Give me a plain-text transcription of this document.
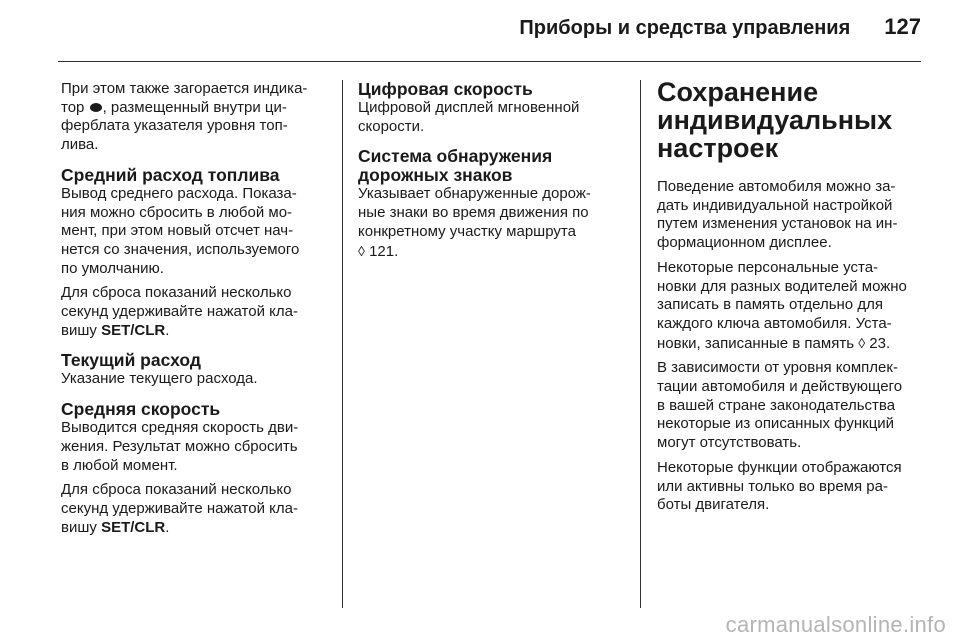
Приборы и средства управления 127

При этом также загорается индика-
тор , размещенный внутри ци-
ферблата указателя уровня топ-
лива.

Средний расход топлива

Вывод среднего расхода. Показа-
ния можно сбросить в любой мо-
мент, при этом новый отсчет нач-
нется со значения, используемого
по умолчанию.

Для сброса показаний несколько
секунд удерживайте нажатой кла-
вишу SET/CLR.

Текущий расход

Указание текущего расхода.

Средняя скорость

Выводится средняя скорость дви-
жения. Результат можно сбросить
в любой момент.

Для сброса показаний несколько
секунд удерживайте нажатой кла-
вишу SET/CLR.

Цифровая скорость

Цифровой дисплей мгновенной
скорости.

Система обнаружения
дорожных знаков

Указывает обнаруженные дорож-
ные знаки во время движения по
конкретному участку маршрута
◊ 121.

Сохранение
индивидуальных
настроек

Поведение автомобиля можно за-
дать индивидуальной настройкой
путем изменения установок на ин-
формационном дисплее.

Некоторые персональные уста-
новки для разных водителей можно
записать в память отдельно для
каждого ключа автомобиля. Уста-
новки, записанные в память ◊ 23.

В зависимости от уровня комплек-
тации автомобиля и действующего
в вашей стране законодательства
некоторые из описанных функций
могут отсутствовать.

Некоторые функции отображаются
или активны только во время ра-
боты двигателя.

carmanualsonline.info
